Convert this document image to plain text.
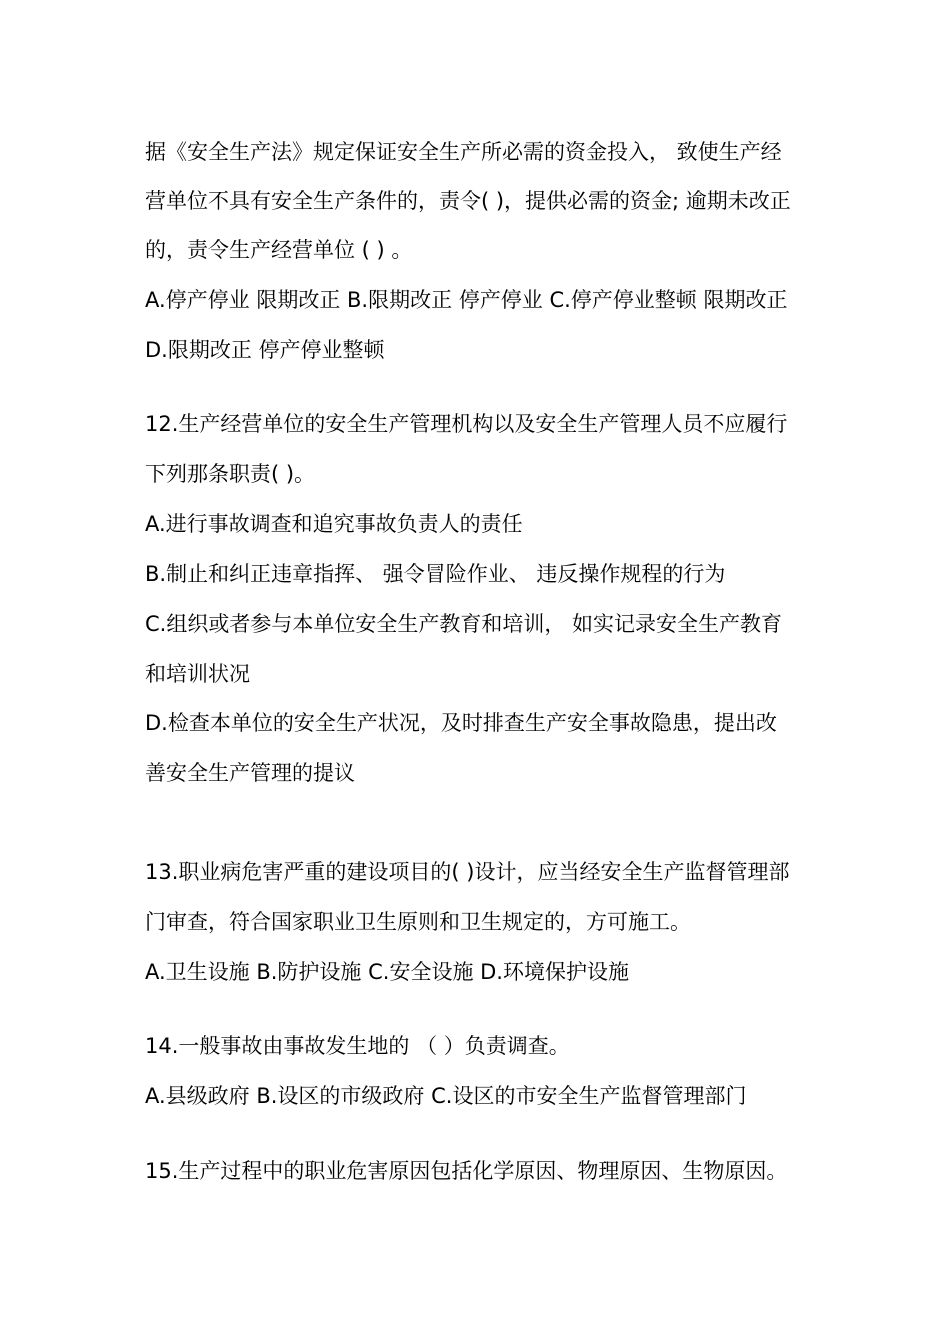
据《安全生产法》规定保证安全生产所必需的资金投入， 致使生产经
营单位不具有安全生产条件的，责令( )，提供必需的资金; 逾期未改正
的，责令生产经营单位 ( ) 。
A.停产停业 限期改正 B.限期改正 停产停业 C.停产停业整顿 限期改正
D.限期改正 停产停业整顿
12.生产经营单位的安全生产管理机构以及安全生产管理人员不应履行
下列那条职责( )。
A.进行事故调查和追究事故负责人的责任
B.制止和纠正违章指挥、 强令冒险作业、 违反操作规程的行为
C.组织或者参与本单位安全生产教育和培训， 如实记录安全生产教育
和培训状况
D.检查本单位的安全生产状况，及时排查生产安全事故隐患，提出改
善安全生产管理的提议
13.职业病危害严重的建设项目的( )设计，应当经安全生产监督管理部
门审查，符合国家职业卫生原则和卫生规定的，方可施工。
A.卫生设施 B.防护设施 C.安全设施 D.环境保护设施
14.一般事故由事故发生地的 （ ）负责调查。
A.县级政府 B.设区的市级政府 C.设区的市安全生产监督管理部门
15.生产过程中的职业危害原因包括化学原因、物理原因、生物原因。
